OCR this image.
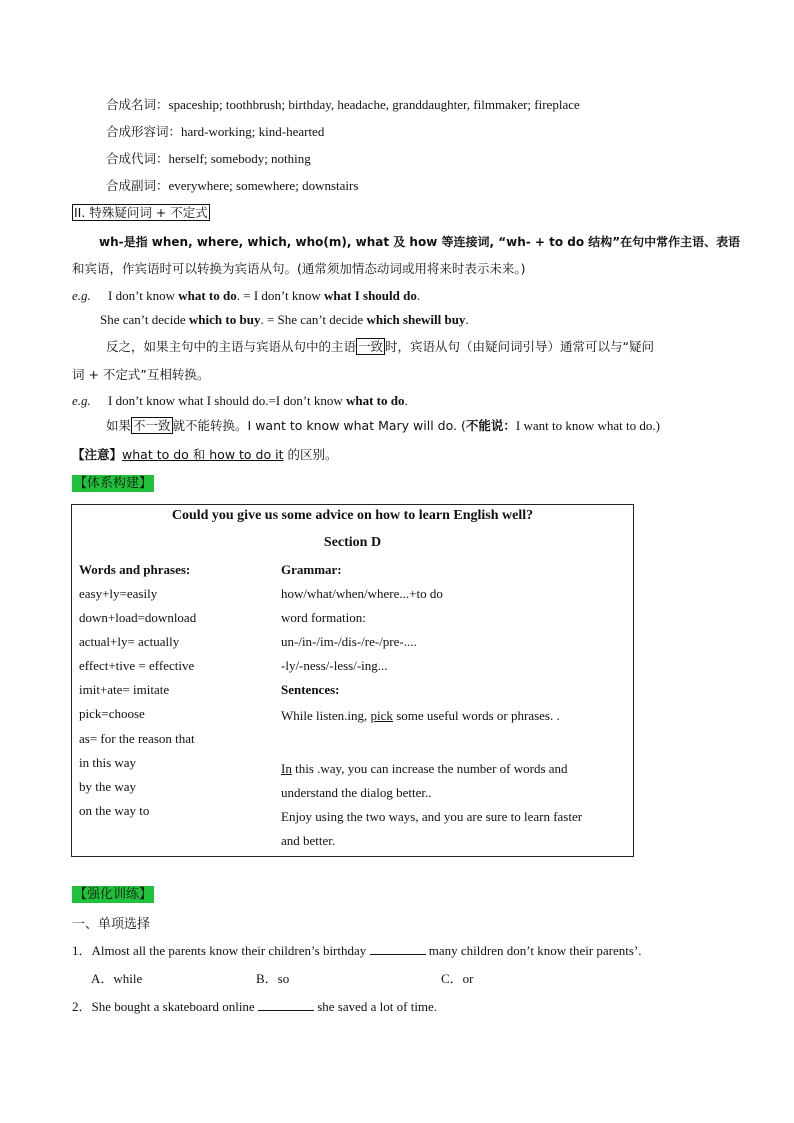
合成名词：spaceship; toothbrush; birthday, headache, granddaughter, filmmaker; fireplace
合成形容词：hard-working; kind-hearted
合成代词：herself; somebody; nothing
合成副词：everywhere; somewhere; downstairs
II. 特殊疑问词 + 不定式
wh-是指 when, where, which, who(m), what 及 how 等连接词, “wh- + to do 结构”在句中常作主语、表语
和宾语，作宾语时可以转换为宾语从句。(通常须加情态动词或用将来时表示未来。)
e.g. I don’t know what to do. = I don’t know what I should do.
She can’t decide which to buy. = She can’t decide which shewill buy.
反之，如果主句中的主语与宾语从句中的主语 一致 时，宾语从句（由疑问词引导）通常可以与“疑问
词 + 不定式”互相转换。
e.g. I don’t know what I should do.=I don’t know what to do.
如果 不一致 就不能转换。I want to know what Mary will do. (不能说：I want to know what to do.)
【注意】what to do 和 how to do it 的区别。
【体系构建】
Could you give us some advice on how to learn English well?
Section D
Words and phrases:
easy+ly=easily
down+load=download
actual+ly= actually
effect+tive = effective
imit+ate= imitate
pick=choose
as= for the reason that
in this way
by the way
on the way to
Grammar:
how/what/when/where...+to do
word formation:
un-/in-/im-/dis-/re-/pre-....
-ly/-ness/-less/-ing...
Sentences:
While listen.ing, pick some useful words or phrases. .
In this .way, you can increase the number of words and
understand the dialog better..
Enjoy using the two ways, and you are sure to learn faster
and better.
【强化训练】
一、单项选择
1．Almost all the parents know their children’s birthday	many children don’t know their parents’.
A．while	B．so	C．or
2．She bought a skateboard online	she saved a lot of time.
